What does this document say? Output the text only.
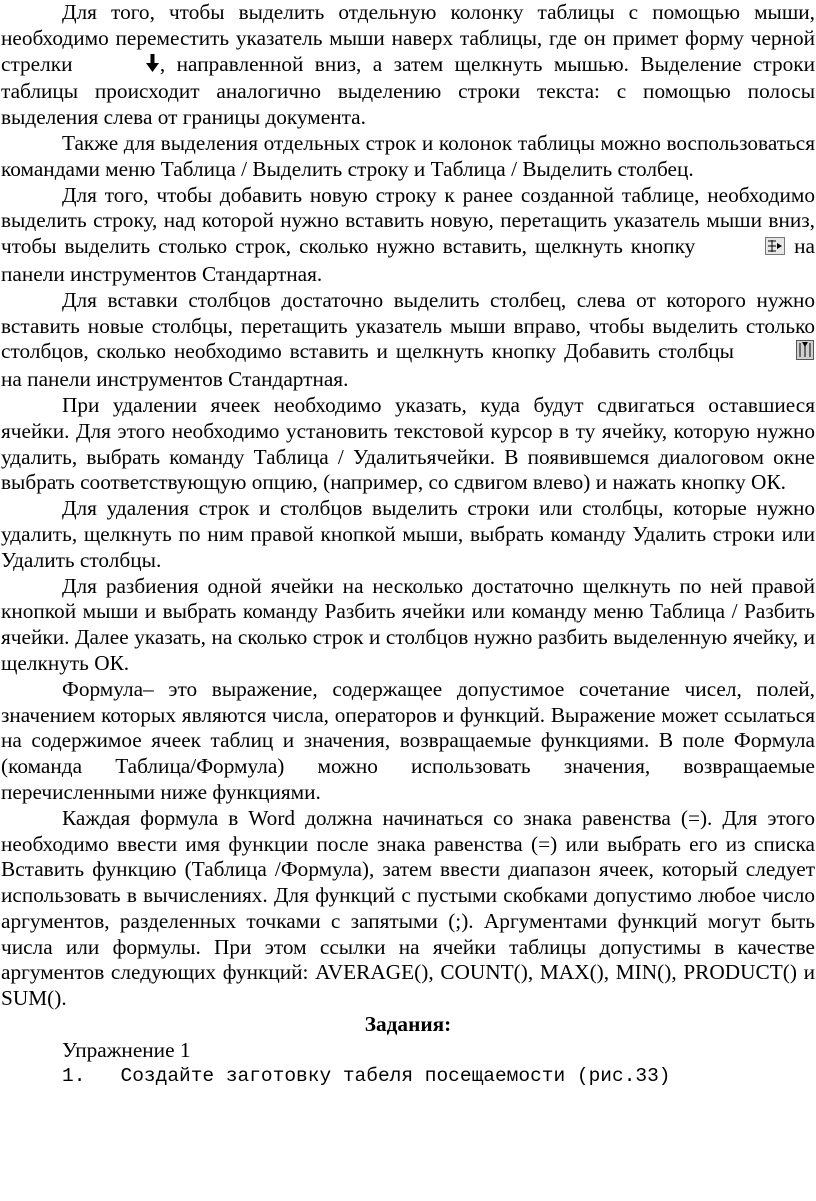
Для того, чтобы выделить отдельную колонку таблицы с помощью мыши, необходимо переместить указатель мыши наверх таблицы, где он примет форму черной стрелки	, направленной вниз, а затем щелкнуть мышью. Выделение строки таблицы происходит аналогично выделению строки текста: с помощью полосы выделения слева от границы документа.

Также для выделения отдельных строк и колонок таблицы можно воспользоваться командами меню Таблица / Выделить строку и Таблица / Выделить столбец.

Для того, чтобы добавить новую строку к ранее созданной таблице, необходимо выделить строку, над которой нужно вставить новую, перетащить указатель мыши вниз, чтобы выделить столько строк, сколько нужно вставить, щелкнуть кнопку	на панели инструментов Стандартная.

Для вставки столбцов достаточно выделить столбец, слева от которого нужно вставить новые столбцы, перетащить указатель мыши вправо, чтобы выделить столько столбцов, сколько необходимо вставить и щелкнуть кнопку Добавить столбцы на панели инструментов Стандартная.

При удалении ячеек необходимо указать, куда будут сдвигаться оставшиеся ячейки. Для этого необходимо установить текстовой курсор в ту ячейку, которую нужно удалить, выбрать команду Таблица / Удалитьячейки. В появившемся диалоговом окне выбрать соответствующую опцию, (например, со сдвигом влево) и нажать кнопку ОК.

Для удаления строк и столбцов выделить строки или столбцы, которые нужно удалить, щелкнуть по ним правой кнопкой мыши, выбрать команду Удалить строки или Удалить столбцы.

Для разбиения одной ячейки на несколько достаточно щелкнуть по ней правой кнопкой мыши и выбрать команду Разбить ячейки или команду меню Таблица / Разбить ячейки. Далее указать, на сколько строк и столбцов нужно разбить выделенную ячейку, и щелкнуть ОК.

Формула– это выражение, содержащее допустимое сочетание чисел, полей, значением которых являются числа, операторов и функций. Выражение может ссылаться на содержимое ячеек таблиц и значения, возвращаемые функциями. В поле Формула (команда Таблица/Формула) можно использовать значения, возвращаемые перечисленными ниже функциями.

Каждая формула в Word должна начинаться со знака равенства (=). Для этого необходимо ввести имя функции после знака равенства (=) или выбрать его из списка Вставить функцию (Таблица /Формула), затем ввести диапазон ячеек, который следует использовать в вычислениях. Для функций с пустыми скобками допустимо любое число аргументов, разделенных точками с запятыми (;). Аргументами функций могут быть числа или формулы. При этом ссылки на ячейки таблицы допустимы в качестве аргументов следующих функций: AVERAGE(), COUNT(), MAX(), MIN(), PRODUCT() и SUM().

Задания:

Упражнение 1

1.   Создайте заготовку табеля посещаемости (рис.33)
